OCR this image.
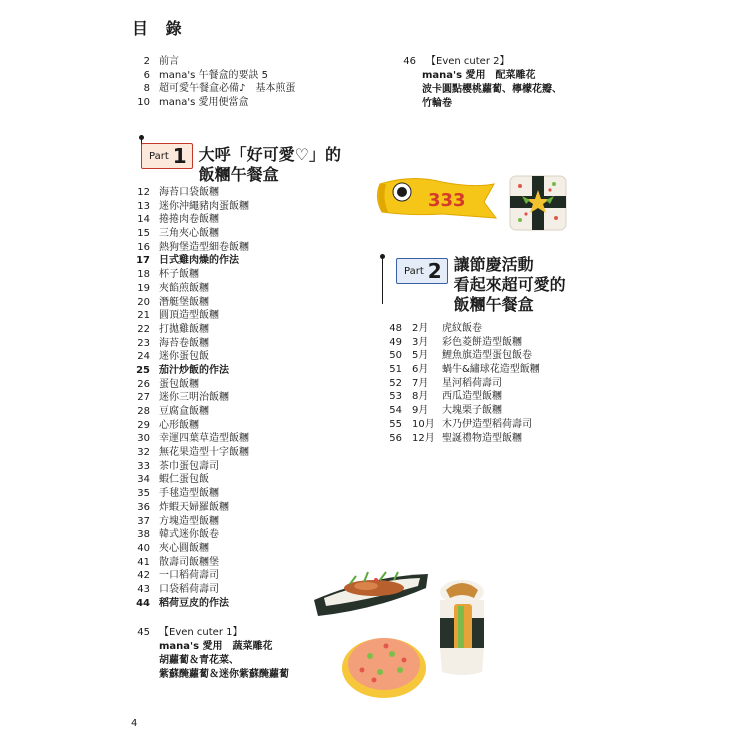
目 錄
2 前言
6 mana's 午餐盒的要訣 5
8 超可愛午餐盒必備♪　基本煎蛋
10 mana's 愛用便當盒
46	【Even cuter 2】
mana's 愛用　配菜雕花
波卡圓點櫻桃蘿蔔、檸檬花瓣、
竹輪卷
Part 1 大呼「好可愛♡」的
飯糰午餐盒
12 海苔口袋飯糰
13 迷你沖繩豬肉蛋飯糰
14 捲捲肉卷飯糰
15 三角夾心飯糰
16 熱狗堡造型細卷飯糰
17 日式雞肉燥的作法
18 杯子飯糰
19 夾餡煎飯糰
20 潛艇堡飯糰
21 圓頂造型飯糰
22 打拋雞飯糰
23 海苔卷飯糰
24 迷你蛋包飯
25 茄汁炒飯的作法
26 蛋包飯糰
27 迷你三明治飯糰
28 豆腐盒飯糰
29 心形飯糰
30 幸運四葉草造型飯糰
32 無花果造型十字飯糰
33 茶巾蛋包壽司
34 蝦仁蛋包飯
35 手毬造型飯糰
36 炸蝦天婦羅飯糰
37 方塊造型飯糰
38 韓式迷你飯卷
40 夾心圓飯糰
41 散壽司飯糰堡
42 一口稻荷壽司
43 口袋稻荷壽司
44 稻荷豆皮的作法
45 【Even cuter 1】
mana's 愛用　蔬菜雕花
胡蘿蔔＆青花菜、
紫蘇醃蘿蔔＆迷你紫蘇醃蘿蔔
Part 2 讓節慶活動
看起來超可愛的
飯糰午餐盒
48	2月	虎紋飯卷
49	3月	彩色菱餅造型飯糰
50	5月	鯉魚旗造型蛋包飯卷
51	6月	蝸牛&繡球花造型飯糰
52	7月	星河稻荷壽司
53	8月	西瓜造型飯糰
54	9月	大塊栗子飯糰
55	10月 木乃伊造型稻荷壽司
56	12月 聖誕禮物造型飯糰
333
4
